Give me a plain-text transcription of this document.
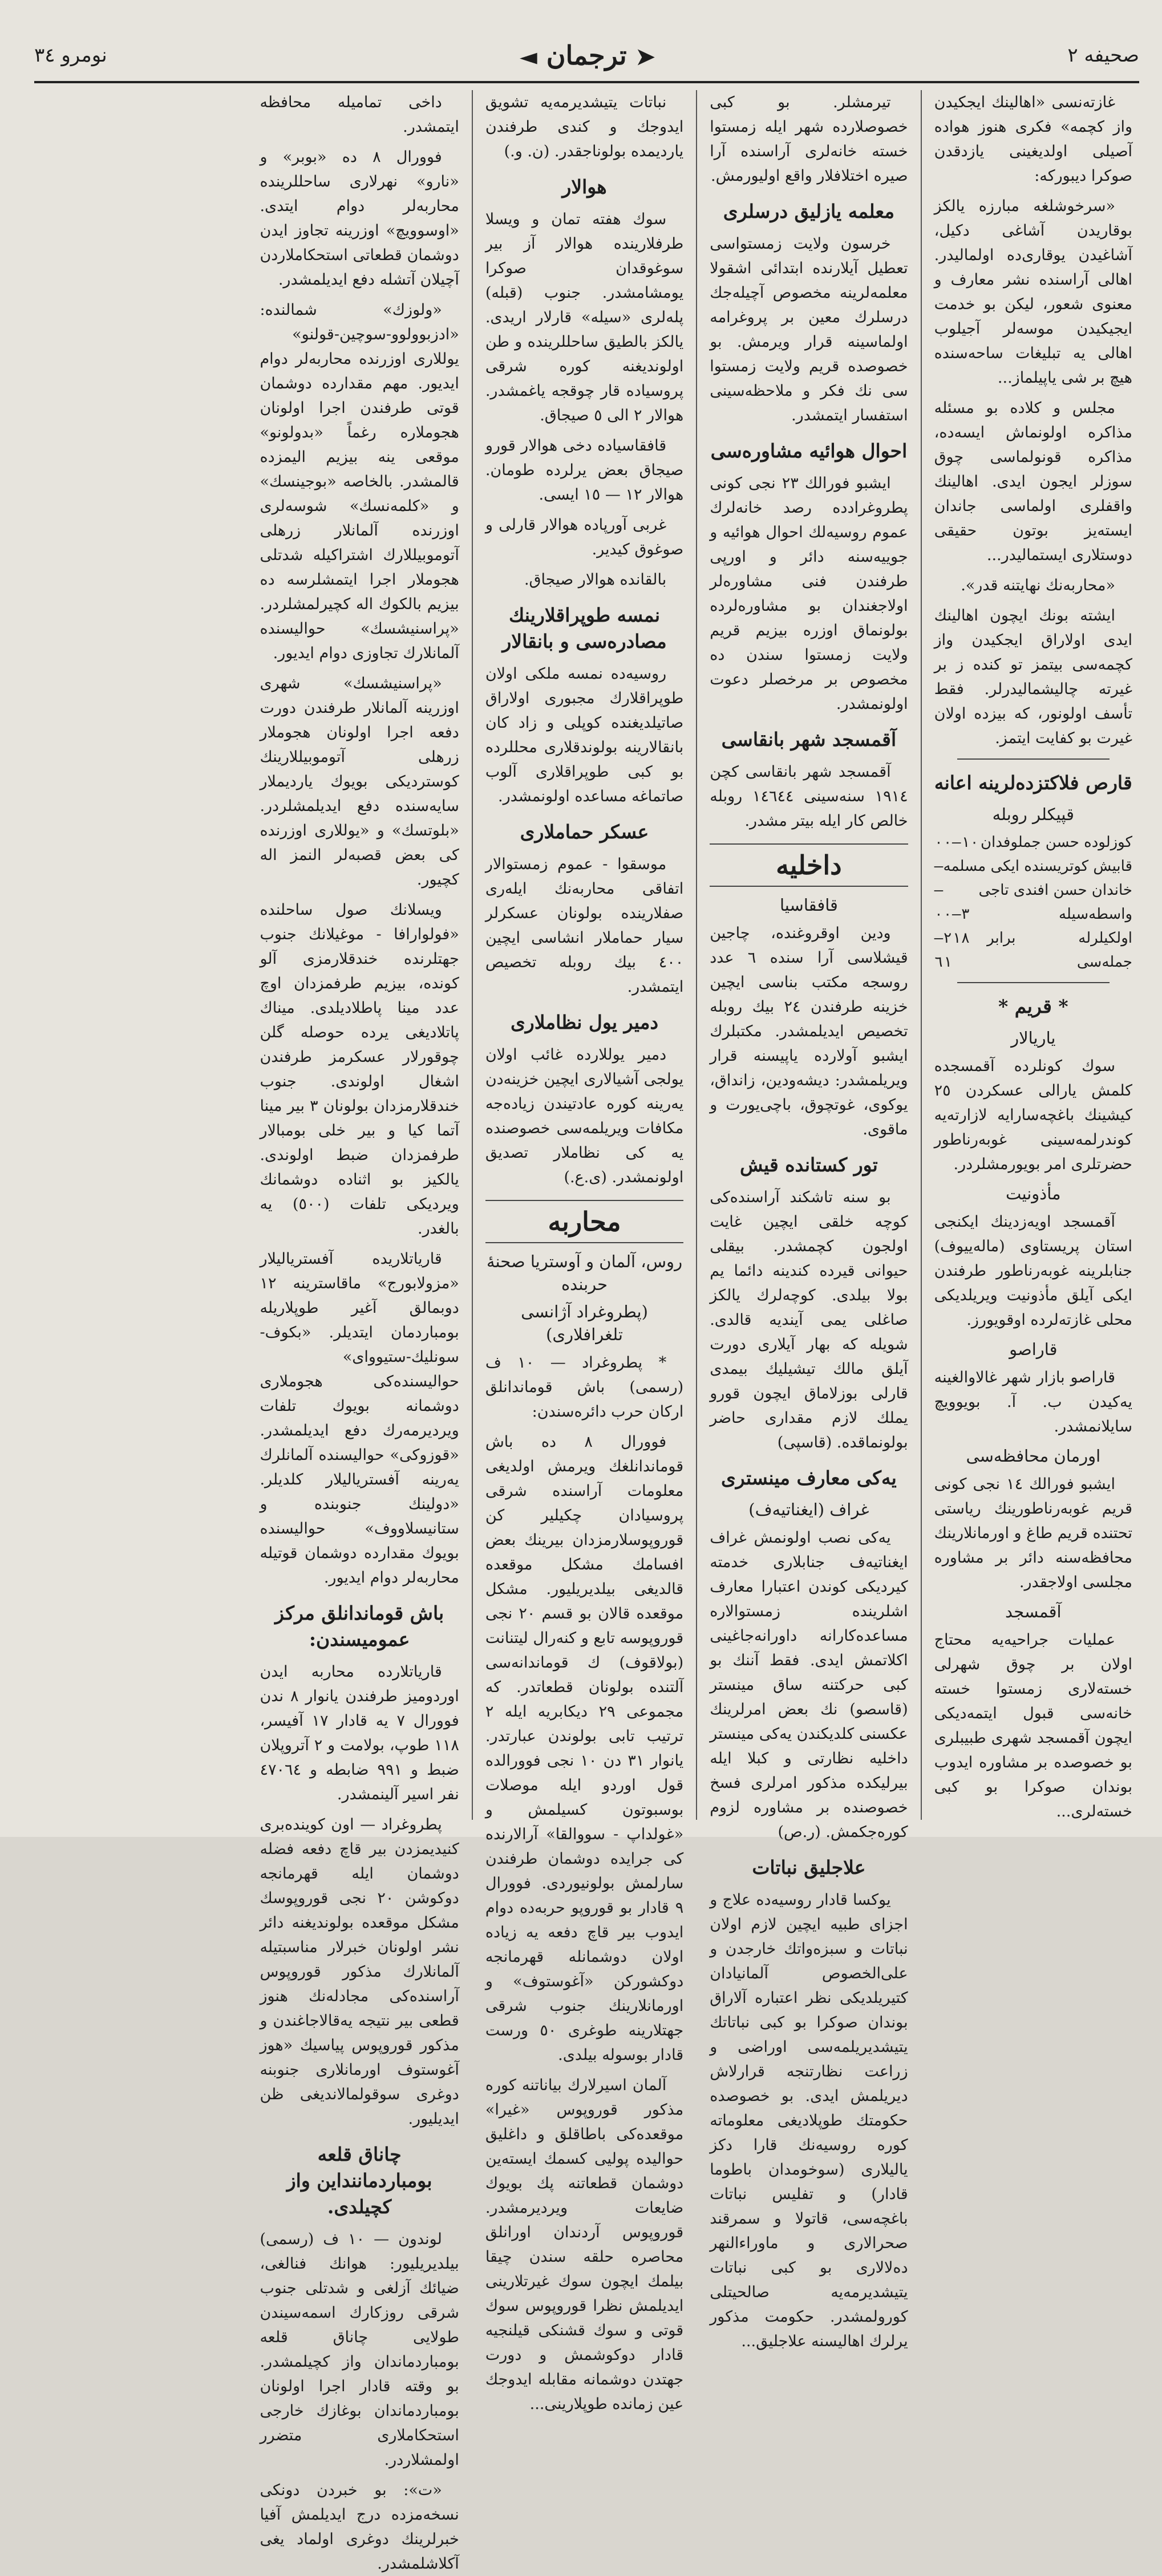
صحيفه ٢
➤ ترجمان ◄
نومرو ٣٤

غازته‌نسی «اهالینك ایجكیدن واز كچمه» فكری هنوز هواده آصیلی اولدیغینی یازدقدن صوكرا دیبوركه:

«سرخوشلغه مبارزه یالكز بوقاریدن آشاغی دكیل، آشاغیدن یوقاری‌ده اولمالیدر. اهالی آراسنده نشر معارف و معنوی شعور، لیكن بو خدمت ایجیكیدن موسه‌لر آجیلوب اهالی یه تبلیغات ساحه‌سنده هیچ بر شی یاپیلماز...

مجلس و كلاده بو مسئله مذاكره اولونماش ایسه‌ده، مذاكره قونولماسی چوق سوزلر ایجون ایدی. اهالینك واقفلری اولماسی جاندان ایسته‌یز بوتون حقیقی دوستلاری ایستمالیدر...

«محاربه‌نك نهایتنه قدر».

ایشته بونك ایچون اهالینك ایدی اولاراق ایجكیدن واز كچمه‌سی بیتمز تو كنده ز بر غیرته چالیشمالیدرلر. فقط تأسف اولونور، كه بیزده اولان غیرت بو كفایت ایتمز.

قارص فلاكتزده‌لرینه اعانه
قپیكلر روبله
كوزلوده حسن جملوفدان
١٠—٠٠
قابیش كوتریسنده ایكی مسلمه
—
خاندان حسن افندی تاجی
—
واسطه‌سیله
٣—٠٠
اولكیلرله برابر جمله‌سی
٢١٨—٦١
* قریم *
یاریالار

سوك كونلرده آقمسجده كلمش یارالی عسكردن ٢٥ كیشینك باغچه‌سارایه لازارته‌یه كوندرلمه‌سینی غوبه‌رناطور حضرتلری امر بویورمشلردر.

مأذونیت

آقمسجد اویه‌زدینك ایكنجی استان پریستاوی (ماله‌ییوف) جنابلرینه غوبه‌رناطور طرفندن ایكی آیلق مأذونیت ویریلدیكی محلی غازته‌لرده اوقویورز.

قاراصو

قاراصو بازار شهر غالاوالغینه یه‌كیدن ب. آ. بویوویچ سایلانمشدر.

اورمان محافظه‌سی

ایشبو فورالك ١٤ نجی كونی قریم غوبه‌رناطورینك ریاستی تحتنده قریم طاغ و اورمانلارینك محافظه‌سنه دائر بر مشاوره مجلسی اولاجقدر.

آقمسجد

عملیات جراحیه‌یه محتاج اولان بر چوق شهرلی خسته‌لاری زمستوا خسته خانه‌سی قبول ایتمه‌دیكی ایچون آقمسجد شهری طبیبلری بو خصوصده بر مشاوره ایدوب بوندان صوكرا بو كبی خسته‌لری...

تیرمشلر. بو كبی خصوصلارده شهر ایله زمستوا خسته خانه‌لری آراسنده آرا صیره اختلافلار واقع اولیورمش.

معلمه یازلیق درسلری

خرسون ولایت زمستواسی تعطیل آیلارنده ابتدائی اشقولا معلمه‌لرینه مخصوص آچیله‌جك درسلرك معین بر پروغرامه اولماسینه قرار ویرمش. بو خصوصده قریم ولایت زمستوا سی نك فكر و ملاحظه‌سینی استفسار ایتمشدر.

احوال هوائیه مشاوره‌سی

ایشبو فورالك ٢٣ نجی كونی پطروغرادده رصد خانه‌لرك عموم روسیه‌لك احوال هوائیه و جوییه‌سنه دائر و اورپی طرفندن فنی مشاوره‌لر اولاجغندان بو مشاوره‌لرده بولونماق اوزره بیزیم قریم ولایت زمستوا سندن ده مخصوص بر مرخصلر دعوت اولونمشدر.

آقمسجد شهر بانقاسی

آقمسجد شهر بانقاسی كچن ١٩١٤ سنه‌سینی ١٤٦٤٤ روبله خالص كار ایله بیتر مشدر.

داخلیه
قافقاسیا

ودین اوقروغنده، چاجین قیشلاسی آرا سنده ٦ عدد روسجه مكتب بناسی ایچین خزینه طرفندن ٢٤ بیك روبله تخصیص ایدیلمشدر. مكتبلرك ایشبو آولارده یاپیسنه قرار ویریلمشدر: دیشه‌ودین، زانداق، یوكوی، غوتچوق، باچی‌یورت و ماقوی.

تور كستانده قیش

بو سنه تاشكند آراسنده‌كی كوچه خلقی ایچین غایت اولجون كچمشدر. بیقلی حیوانی قیرده كندینه دائما یم بولا بیلدی. كوچه‌لرك یالكز صاغلی یمی آیندیه قالدی. شویله كه بهار آیلاری دورت آیلق مالك تیشیلیك بیمدی قارلی بوزلاماق ایچون قورو یملك لازم مقداری حاضر بولونماقده. (قاسپی)

یه‌كی معارف مینستری
غراف (ایغناتیه‌ف)

یه‌كی نصب اولونمش غراف ایغناتیه‌ف جنابلاری خدمته كیردیكی كوندن اعتبارا معارف اشلرینده زمستوالاره مساعده‌كارانه داورانه‌جاغینی اكلاتمش ایدی. فقط آننك بو كبی حركتنه ساق مینستر (قاسصو) نك بعض امرلرینك عكسنی كلدیكندن یه‌كی مینستر داخلیه نظارتی و كبلا ایله بیرلیكده مذكور امرلری فسخ خصوصنده بر مشاوره لزوم كوره‌جكمش. (ر.ص)

علاجلیق نباتات

یوكسا قادار روسیه‌ده علاج و اجزای طبیه ایچین لازم اولان نباتات و سبزه‌واتك خارجدن و علی‌الخصوص آلمانیادان كتیریلدیكی نظر اعتباره آلاراق بوندان صوكرا بو كبی نباتاتك یتیشدیریلمه‌سی اوراضی و زراعت نظارتنجه قرارلاش دیریلمش ایدی. بو خصوصده حكومتك طوپلادیغی معلوماته كوره روسیه‌نك قارا دكز یالیلاری (سوخومدان باطوما قادار) و تفلیس نباتات باغچه‌سی، قاتولا و سمرقند صحرالاری و ماوراءالنهر ده‌لالاری بو كبی نباتات یتیشدیرمه‌یه صالحیتلی كورولمشدر. حكومت مذكور یرلرك اهالیسنه علاجلیق...

نباتات یتیشدیرمه‌یه تشویق ایدوجك و كندی طرفندن یاردیمده بولوناجقدر. (ن. و.)

هوالار

سوك هفته تمان و ویسلا طرفلارینده هوالار آز بیر سوغوقدان صوكرا یومشامشدر. جنوب (قبله) پله‌لری «سیله» قارلار اریدی. یالكز بالطیق ساحللرینده و طن اولوندیغنه كوره شرقی پروسیاده قار چوقجه یاغمشدر. هوالار ٢ الی ٥ صیجاق.

قافقاسیاده دخی هوالار قورو صیجاق بعض یرلرده طومان. هوالار ١٢ — ١٥ ایسی.

غربی آورپاده هوالار قارلی و صوغوق كیدیر.

بالقانده هوالار صیجاق.

نمسه طوپراقلارینك مصادره‌سی و بانقالار

روسیه‌ده نمسه ملكی اولان طوپراقلارك مجبوری اولاراق صاتیلدیغنده كوپلی و زاد كان بانقالارینه بولوندقلاری محللرده بو كبی طوپراقلاری آلوب صاتماغه مساعده اولونمشدر.

عسكر حماملاری

موسقوا - عموم زمستوالار اتفاقی محاربه‌نك ایله‌ری صفلارینده بولونان عسكرلر سیار حماملار انشاسی ایچین ٤٠٠ بیك روبله تخصیص ایتمشدر.

دمیر یول نظاملاری

دمیر یوللارده غائب اولان یولجی آشیالاری ایچین خزینه‌دن یه‌رینه كوره عادتیندن زیاده‌جه مكافات ویریلمه‌سی خصوصنده یه كی نظاملار تصدیق اولونمشدر. (ی.ع.)

محاربه
روس، آلمان و آوستریا صحنهٔ حربنده
(پطروغراد آژانسی تلغرافلاری)

* پطروغراد — ١٠ ف (رسمی) باش قوماندانلق اركان حرب دائره‌سندن:

فوورال ٨ ده باش قوماندانلغك ویرمش اولدیغی معلومات آراسنده شرقی پروسیادان چكیلیر كن قوروپوسلارمزدان بیرینك بعض افسامك مشكل موقعده قالدیغی بیلدیریلیور. مشكل موقعده قالان بو قسم ٢٠ نجی قوروپوسه تابع و كنه‌رال لیتنانت (بولاقوف) ك قوماندانه‌سی آلتنده بولونان قطعاتدر. كه مجموعی ٢٩ دیكابریه ایله ٢ ترتیب تابی بولوندن عبارتدر. یانوار ٣١ دن ١٠ نجی فوورالده قول اوردو ایله موصلات بوسبوتون كسیلمش و «غولداپ - سووالقا» آرالارنده كی جرایده دوشمان طرفندن سارلمش بولونیوردی. فوورال ٩ قادار بو قوروپو حربه‌ده دوام ایدوب بیر قاچ دفعه یه زیاده اولان دوشمانله قهرمانجه دوكشوركن «آغوستوف» و اورمانلارینك جنوب شرقی جهتلارینه طوغری ٥٠ ورست قادار بوسوله بیلدی.

آلمان اسیرلارك بیاناتنه كوره مذكور قوروپوس «غیرا» موقعده‌كی باطاقلق و داغلیق حوالیده پولیی كسمك ایسته‌ین دوشمان قطعاتنه پك بویوك ضایعات ویردیرمشدر. قوروپوس آردندان اورانلق محاصره حلقه سندن چیقا بیلمك ایچون سوك غیرتلارینی ایدیلمش نظرا قوروپوس سوك قوتی و سوك قشنكی قیلنجیه قادار دوكوشمش و دورت جهتدن دوشمانه مقابله ایدوجك عین زمانده طوپلارینی...

داخی تمامیله محافظه ایتمشدر.

فوورال ٨ ده «بوبر» و «نارو» نهرلاری ساحللرینده محاربه‌لر دوام ایتدی. «اوسوویچ» اوزرینه تجاوز ایدن دوشمان قطعاتی استحكاملاردن آچیلان آتشله دفع ایدیلمشدر.

«ولوزك» شمالنده: «ادزبوولوو-سوچین-قولنو» یوللاری اوزرنده محاربه‌لر دوام ایدیور. مهم مقدارده دوشمان قوتی طرفندن اجرا اولونان هجوملاره رغماً «بدولونو» موقعی ینه بیزیم الیمزده قالمشدر. بالخاصه «بوجینسك» و «كلمه‌نسك» شوسه‌لری اوزرنده آلمانلار زرهلی آتوموبیللارك اشتراكیله شدتلی هجوملار اجرا ایتمشلرسه ده بیزیم بالكوك اله كچیرلمشلردر. «پراسنیشسك» حوالیسنده آلمانلارك تجاوزی دوام ایدیور.

«پراسنیشسك» شهری اوزرینه آلمانلار طرفندن دورت دفعه اجرا اولونان هجوملار زرهلی آتوموبیللارینك كوستردیكی بویوك یاردیملار سایه‌سنده دفع ایدیلمشلردر. «بلوتسك» و «یوللاری اوزرنده كی بعض قصبه‌لر النمز اله كچیور.

ویسلانك صول ساحلنده «فولوارافا - موغیلانك جنوب جهتلرنده خندقلارمزی آلو كونده، بیزیم طرفمزدان اوچ عدد مینا پاطلادیلدی. میناك پاتلادیغی یرده حوصله گلن چوقورلار عسكرمز طرفندن اشغال اولوندی. جنوب خندقلارمزدان بولونان ٣ بیر مینا آتما كیا و بیر خلی بومبالار طرفمزدان ضبط اولوندی. یالكیز بو اثناده دوشمانك ویردیكی تلفات (٥٠٠) یه بالغدر.

قاریاتلاریده آفستریالیلار «مزولابورج» ماقاسترینه ١٢ دوبمالق آغیر طوپلاریله بومباردمان ایتدیلر. «بكوف-سونلیك-ستیووای» حوالیسنده‌كی هجوملاری دوشمانه بویوك تلفات ویردیرمه‌رك دفع ایدیلمشدر. «قوزوكی» حوالیسنده آلمانلرك یه‌رینه آفستریالیلار كلدیلر. «دولینك جنوبنده و ستانیسلاووف» حوالیسنده بویوك مقدارده دوشمان قوتیله محاربه‌لر دوام ایدیور.

باش قوماندانلق مركز عمومیسندن:

قاریاتلارده محاربه ایدن اوردومیز طرفندن یانوار ٨ ندن فوورال ٧ یه قادار ١٧ آفیسر، ١١٨ طوپ، بولامت و ٢ آتروپلان ضبط و ٩٩١ ضابطه و ٤٧٠٦٤ نفر اسیر آلینمشدر.

پطروغراد — اون كوینده‌بری كنیدیمزدن بیر قاچ دفعه فضله دوشمان ایله قهرمانجه دوكوشن ٢٠ نجی قوروپوسك مشكل موقعده بولوندیغنه دائر نشر اولونان خبرلار مناسبتیله آلمانلارك مذكور قوروپوس آراسنده‌كی مجادله‌نك هنوز قطعی بیر نتیجه یه‌قالاجاغندن و مذكور قوروپوس پیاسیك «هوز آغوستوف اورمانلاری جنوبنه دوغری سوقولمالاندیغی ظن ایدیلیور.

چاناق قلعه بومباردماننداین واز كچیلدی.

لوندون — ١٠ ف (رسمی) بیلدیریلیور: هوانك فنالغی، ضیائك آزلغی و شدتلی جنوب شرقی روزكارك اسمه‌سیندن طولایی چاناق قلعه بومباردماندان واز كچیلمشدر. بو وقته قادار اجرا اولونان بومباردماندان بوغازك خارجی استحكاملاری متضرر اولمشلاردر.

«ت»: بو خبردن دونكی نسخه‌مزده درج ایدیلمش آفیا خبرلرینك دوغری اولماد یغی آكلاشلمشدر.
